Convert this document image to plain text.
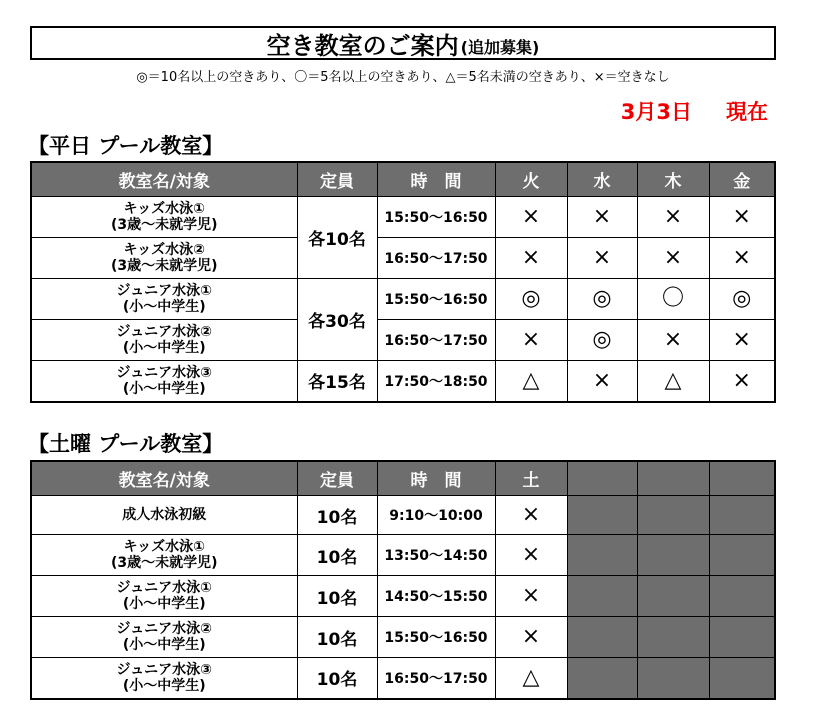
空き教室のご案内 (追加募集)
◎＝10名以上の空きあり、〇＝5名以上の空きあり、△＝5名未満の空きあり、×＝空きなし
3月3日 現在
【平日 プール教室】
教室名/対象	定員	時　間	火	水	木	金

キッズ水泳①
(3歳～未就学児)	各10名	15:50～16:50	×	×	×	×

キッズ水泳②
(3歳～未就学児)		16:50～17:50	×	×	×	×

ジュニア水泳①
(小～中学生)	各30名	15:50～16:50	◎	◎	〇	◎

ジュニア水泳②
(小～中学生)		16:50～17:50	×	◎	×	×

ジュニア水泳③
(小～中学生)	各15名	17:50～18:50	△	×	△	×
【土曜 プール教室】
教室名/対象	定員	時　間	土			

成人水泳初級	10名	9:10～10:00	×			

キッズ水泳①
(3歳～未就学児)	10名	13:50～14:50	×			

ジュニア水泳①
(小～中学生)	10名	14:50～15:50	×			

ジュニア水泳②
(小～中学生)	10名	15:50～16:50	×			

ジュニア水泳③
(小～中学生)	10名	16:50～17:50	△			
